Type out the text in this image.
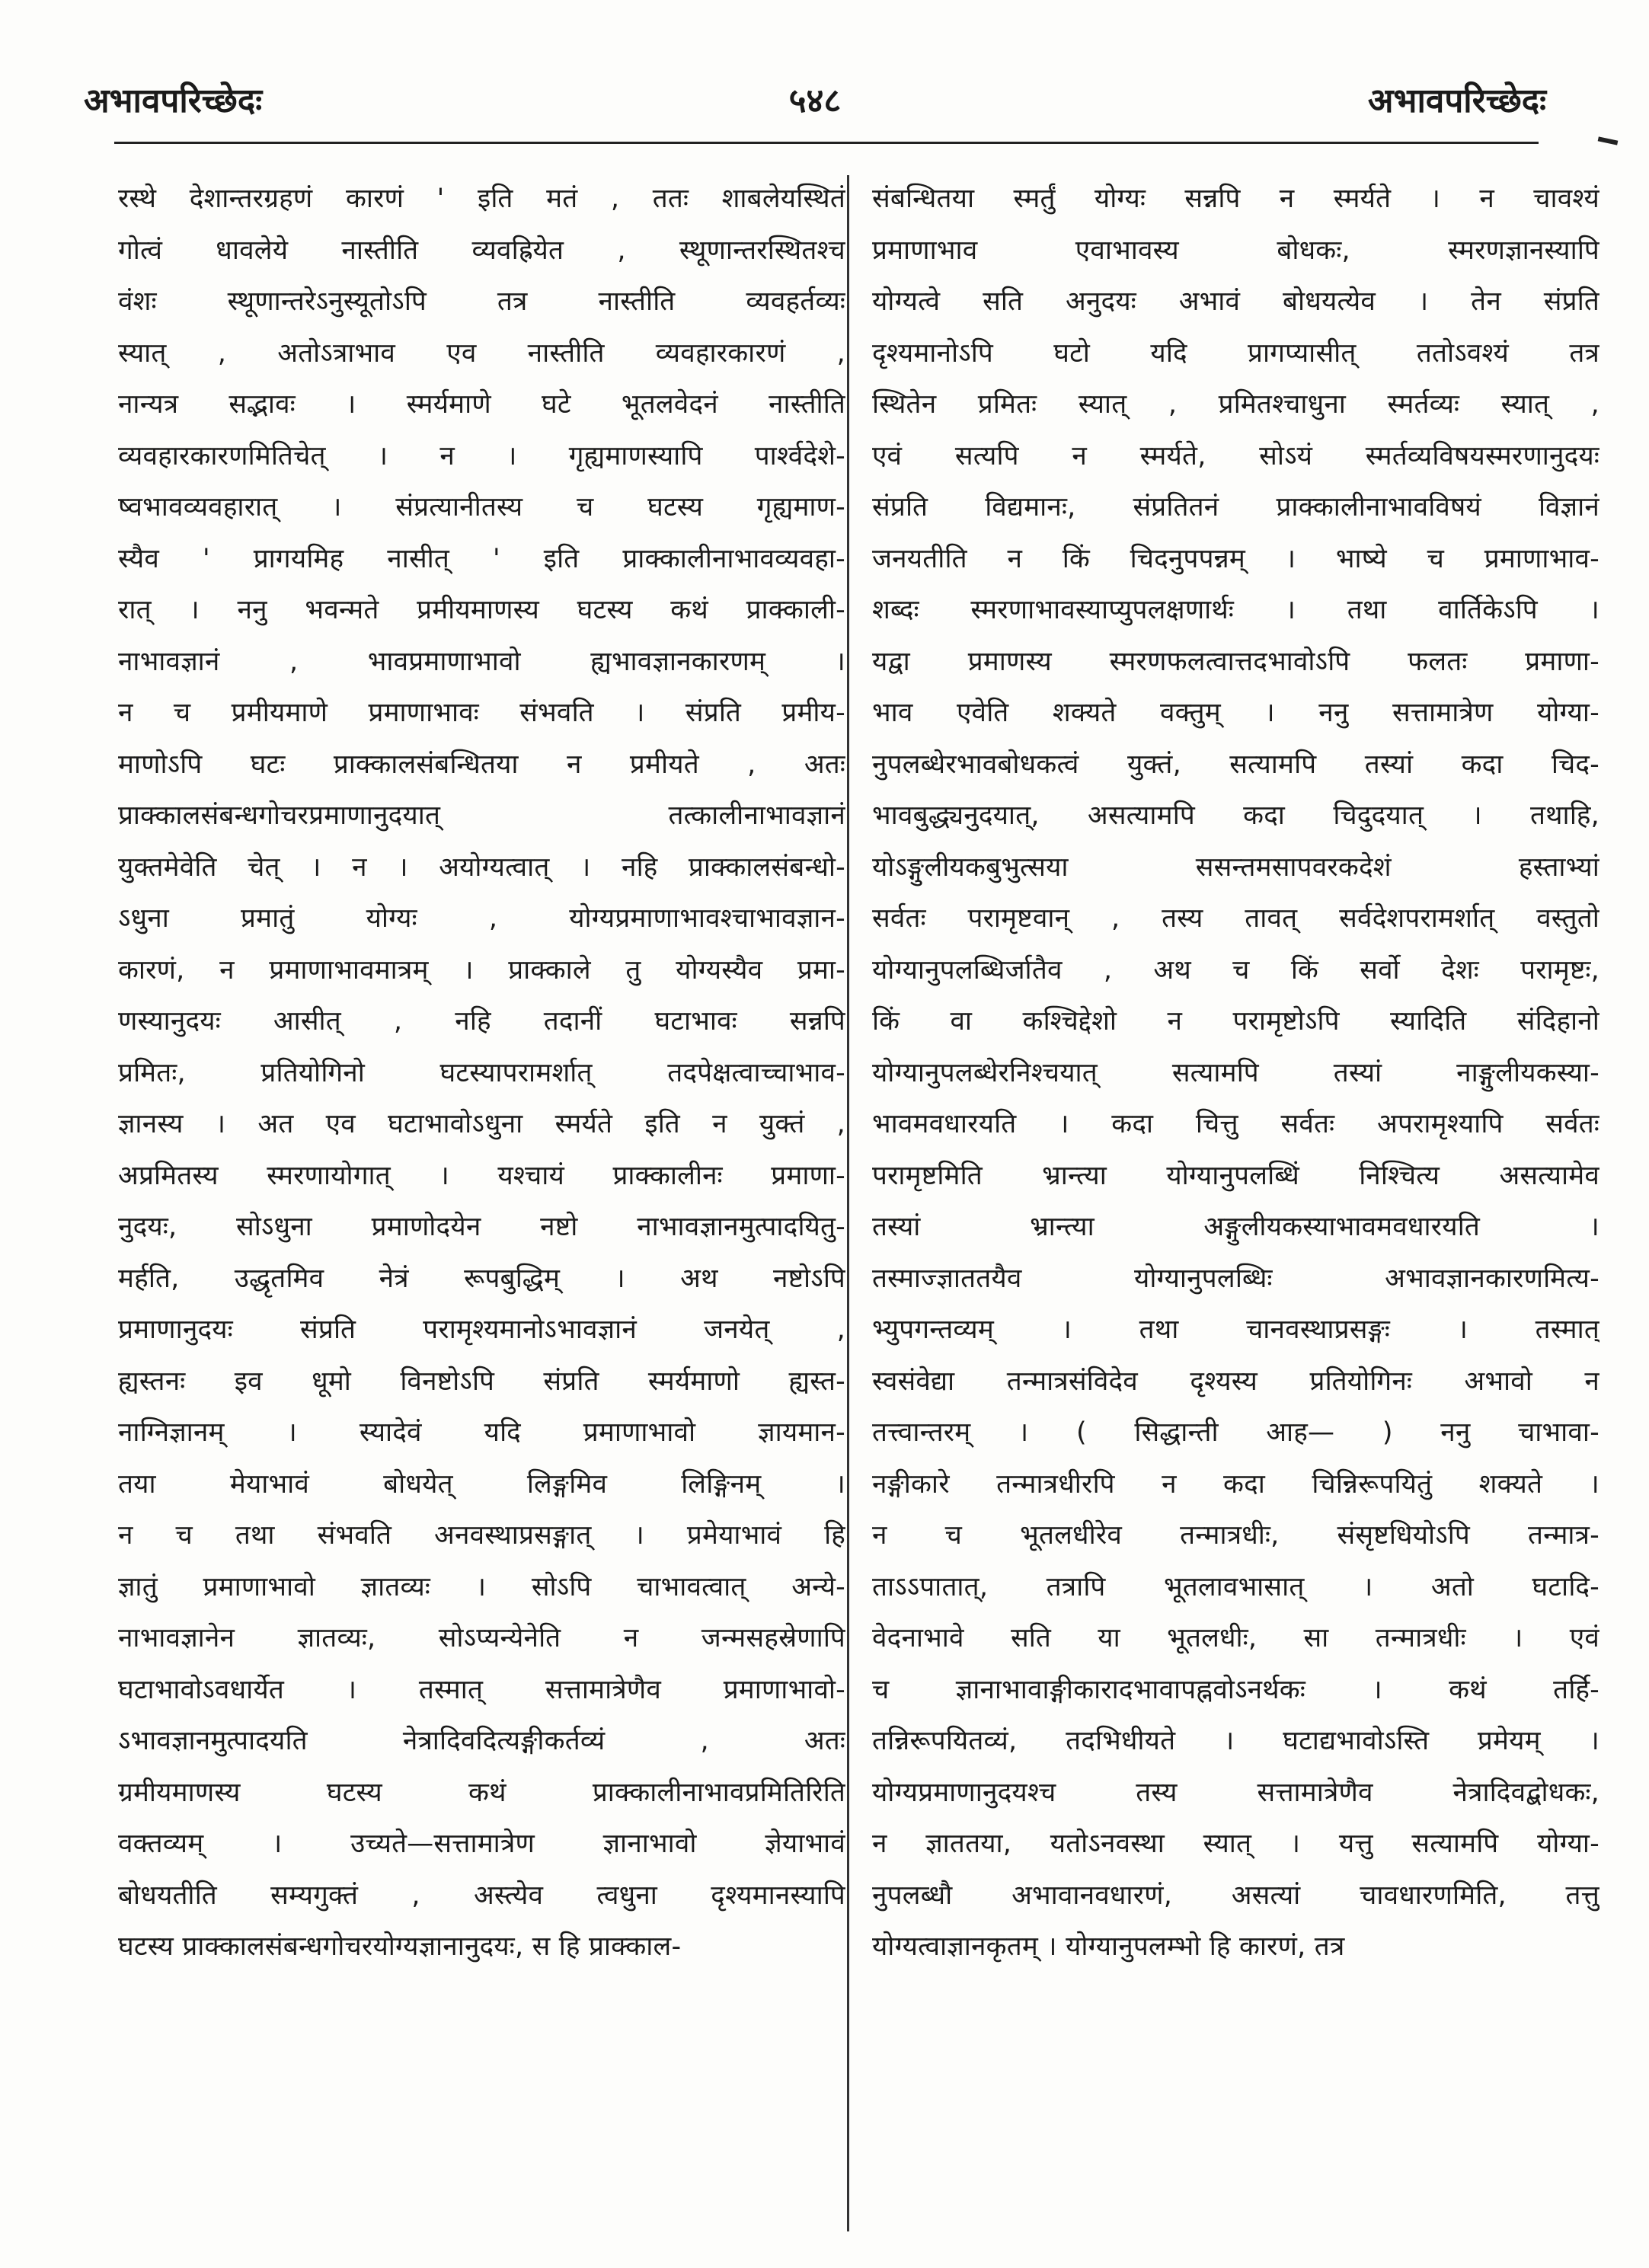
अभावपरिच्छेदः	५४८	अभावपरिच्छेदः
रस्थे देशान्तरग्रहणं कारणं ' इति मतं , ततः शाबलेयस्थितं
गोत्वं धावलेये नास्तीति व्यवह्रियेत , स्थूणान्तरस्थितश्च
वंशः स्थूणान्तरेऽनुस्यूतोऽपि तत्र नास्तीति व्यवहर्तव्यः
स्यात् , अतोऽत्राभाव एव नास्तीति व्यवहारकारणं ,
नान्यत्र सद्भावः । स्मर्यमाणे घटे भूतलवेदनं नास्तीति
व्यवहारकारणमितिचेत् । न । गृह्यमाणस्यापि पार्श्वदेशे-
ष्वभावव्यवहारात् । संप्रत्यानीतस्य च घटस्य गृह्यमाण-
स्यैव ' प्रागयमिह नासीत् ' इति प्राक्कालीनाभावव्यवहा-
रात् । ननु भवन्मते प्रमीयमाणस्य घटस्य कथं प्राक्काली-
नाभावज्ञानं , भावप्रमाणाभावो ह्यभावज्ञानकारणम् ।
न च प्रमीयमाणे प्रमाणाभावः संभवति । संप्रति प्रमीय-
माणोऽपि घटः प्राक्कालसंबन्धितया न प्रमीयते , अतः
प्राक्कालसंबन्धगोचरप्रमाणानुदयात् तत्कालीनाभावज्ञानं
युक्तमेवेति चेत् । न । अयोग्यत्वात् । नहि प्राक्कालसंबन्धो-
ऽधुना प्रमातुं योग्यः , योग्यप्रमाणाभावश्चाभावज्ञान-
कारणं, न प्रमाणाभावमात्रम् । प्राक्काले तु योग्यस्यैव प्रमा-
णस्यानुदयः आसीत् , नहि तदानीं घटाभावः सन्नपि
प्रमितः, प्रतियोगिनो घटस्यापरामर्शात् तदपेक्षत्वाच्चाभाव-
ज्ञानस्य । अत एव घटाभावोऽधुना स्मर्यते इति न युक्तं ,
अप्रमितस्य स्मरणायोगात् । यश्चायं प्राक्कालीनः प्रमाणा-
नुदयः, सोऽधुना प्रमाणोदयेन नष्टो नाभावज्ञानमुत्पादयितु-
मर्हति, उद्धृतमिव नेत्रं रूपबुद्धिम् । अथ नष्टोऽपि
प्रमाणानुदयः संप्रति परामृश्यमानोऽभावज्ञानं जनयेत् ,
ह्यस्तनः इव धूमो विनष्टोऽपि संप्रति स्मर्यमाणो ह्यस्त-
नाग्निज्ञानम् । स्यादेवं यदि प्रमाणाभावो ज्ञायमान-
तया मेयाभावं बोधयेत् लिङ्गमिव लिङ्गिनम् ।
न च तथा संभवति अनवस्थाप्रसङ्गात् । प्रमेयाभावं हि
ज्ञातुं प्रमाणाभावो ज्ञातव्यः । सोऽपि चाभावत्वात् अन्ये-
नाभावज्ञानेन ज्ञातव्यः, सोऽप्यन्येनेति न जन्मसहस्रेणापि
घटाभावोऽवधार्येत । तस्मात् सत्तामात्रेणैव प्रमाणाभावो-
ऽभावज्ञानमुत्पादयति नेत्रादिवदित्यङ्गीकर्तव्यं , अतः
ग्रमीयमाणस्य घटस्य कथं प्राक्कालीनाभावप्रमितिरिति
वक्तव्यम् । उच्यते—सत्तामात्रेण ज्ञानाभावो ज्ञेयाभावं
बोधयतीति सम्यगुक्तं , अस्त्येव त्वधुना दृश्यमानस्यापि
घटस्य प्राक्कालसंबन्धगोचरयोग्यज्ञानानुदयः, स हि प्राक्काल-
संबन्धितया स्मर्तुं योग्यः सन्नपि न स्मर्यते । न चावश्यं
प्रमाणाभाव एवाभावस्य बोधकः, स्मरणज्ञानस्यापि
योग्यत्वे सति अनुदयः अभावं बोधयत्येव । तेन संप्रति
दृश्यमानोऽपि घटो यदि प्रागप्यासीत् ततोऽवश्यं तत्र
स्थितेन प्रमितः स्यात् , प्रमितश्चाधुना स्मर्तव्यः स्यात् ,
एवं सत्यपि न स्मर्यते, सोऽयं स्मर्तव्यविषयस्मरणानुदयः
संप्रति विद्यमानः, संप्रतितनं प्राक्कालीनाभावविषयं विज्ञानं
जनयतीति न किं चिदनुपपन्नम् । भाष्ये च प्रमाणाभाव-
शब्दः स्मरणाभावस्याप्युपलक्षणार्थः । तथा वार्तिकेऽपि ।
यद्वा प्रमाणस्य स्मरणफलत्वात्तदभावोऽपि फलतः प्रमाणा-
भाव एवेति शक्यते वक्तुम् । ननु सत्तामात्रेण योग्या-
नुपलब्धेरभावबोधकत्वं युक्तं, सत्यामपि तस्यां कदा चिद-
भावबुद्ध्यनुदयात्, असत्यामपि कदा चिदुदयात् । तथाहि,
योऽङ्गुलीयकबुभुत्सया ससन्तमसापवरकदेशं हस्ताभ्यां
सर्वतः परामृष्टवान् , तस्य तावत् सर्वदेशपरामर्शात् वस्तुतो
योग्यानुपलब्धिर्जातैव , अथ च किं सर्वो देशः परामृष्टः,
किं वा कश्चिद्देशो न परामृष्टोऽपि स्यादिति संदिहानो
योग्यानुपलब्धेरनिश्चयात् सत्यामपि तस्यां नाङ्गुलीयकस्या-
भावमवधारयति । कदा चित्तु सर्वतः अपरामृश्यापि सर्वतः
परामृष्टमिति भ्रान्त्या योग्यानुपलब्धिं निश्चित्य असत्यामेव
तस्यां भ्रान्त्या अङ्गुलीयकस्याभावमवधारयति ।
तस्माज्ज्ञाततयैव योग्यानुपलब्धिः अभावज्ञानकारणमित्य-
भ्युपगन्तव्यम् । तथा चानवस्थाप्रसङ्गः । तस्मात्
स्वसंवेद्या तन्मात्रसंविदेव दृश्यस्य प्रतियोगिनः अभावो न
तत्त्वान्तरम् । ( सिद्धान्ती आह— ) ननु चाभावा-
नङ्गीकारे तन्मात्रधीरपि न कदा चिन्निरूपयितुं शक्यते ।
न च भूतलधीरेव तन्मात्रधीः, संसृष्टधियोऽपि तन्मात्र-
ताऽऽपातात्, तत्रापि भूतलावभासात् । अतो घटादि-
वेदनाभावे सति या भूतलधीः, सा तन्मात्रधीः । एवं
च ज्ञानाभावाङ्गीकारादभावापह्नवोऽनर्थकः । कथं तर्हि-
तन्निरूपयितव्यं, तदभिधीयते । घटाद्यभावोऽस्ति प्रमेयम् ।
योग्यप्रमाणानुदयश्च तस्य सत्तामात्रेणैव नेत्रादिवद्बोधकः,
न ज्ञाततया, यतोऽनवस्था स्यात् । यत्तु सत्यामपि योग्या-
नुपलब्धौ अभावानवधारणं, असत्यां चावधारणमिति, तत्तु
योग्यत्वाज्ञानकृतम् । योग्यानुपलम्भो हि कारणं, तत्र
